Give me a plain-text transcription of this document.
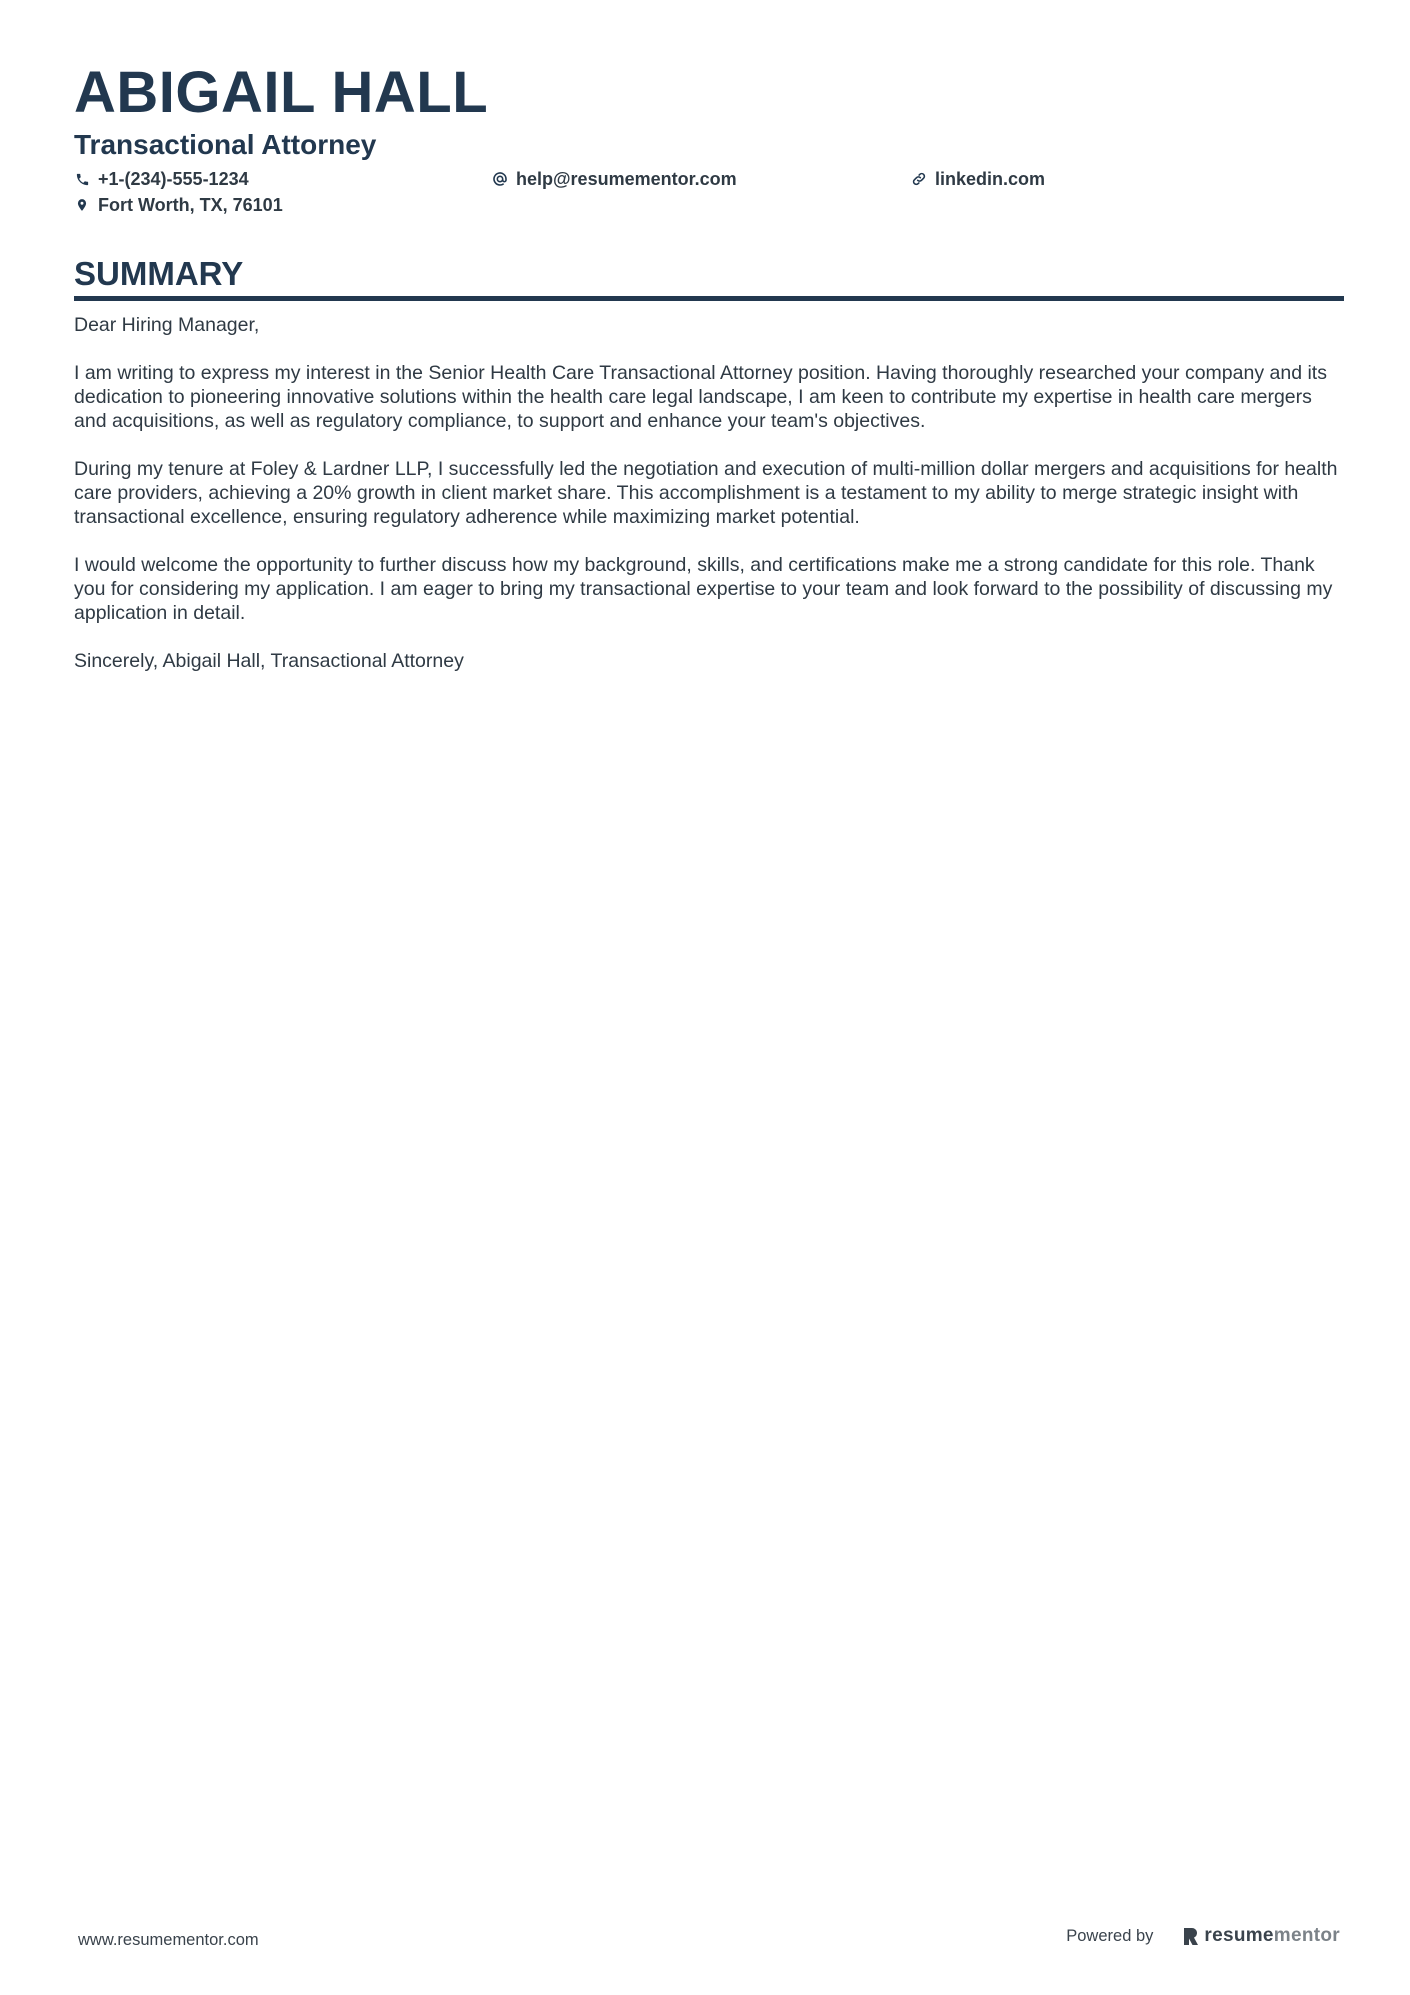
ABIGAIL HALL
Transactional Attorney
+1-(234)-555-1234	help@resumementor.com	linkedin.com
Fort Worth, TX, 76101
SUMMARY

Dear Hiring Manager,

I am writing to express my interest in the Senior Health Care Transactional Attorney position. Having thoroughly researched your company and its dedication to pioneering innovative solutions within the health care legal landscape, I am keen to contribute my expertise in health care mergers and acquisitions, as well as regulatory compliance, to support and enhance your team's objectives.

During my tenure at Foley & Lardner LLP, I successfully led the negotiation and execution of multi-million dollar mergers and acquisitions for health care providers, achieving a 20% growth in client market share. This accomplishment is a testament to my ability to merge strategic insight with transactional excellence, ensuring regulatory adherence while maximizing market potential.

I would welcome the opportunity to further discuss how my background, skills, and certifications make me a strong candidate for this role. Thank you for considering my application. I am eager to bring my transactional expertise to your team and look forward to the possibility of discussing my application in detail.

Sincerely, Abigail Hall, Transactional Attorney

www.resumementor.com	Powered by	resume mentor
